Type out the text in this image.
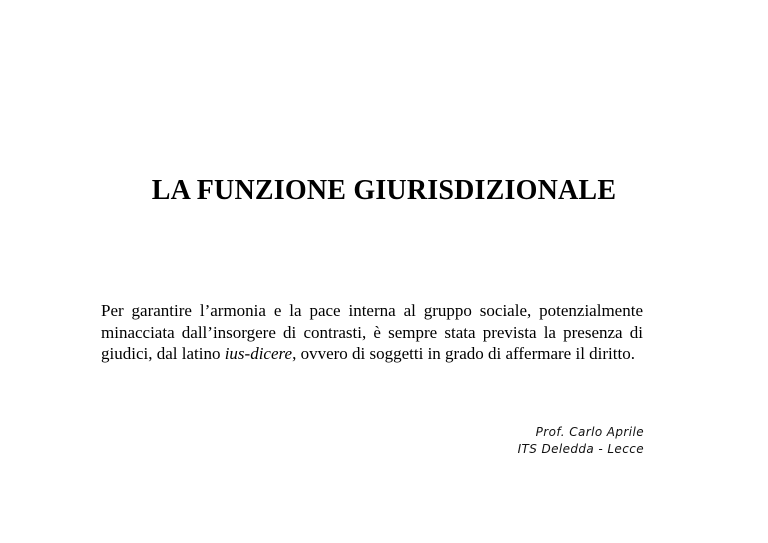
LA FUNZIONE GIURISDIZIONALE
Per garantire l’armonia e la pace interna al gruppo sociale, potenzialmente minacciata dall’insorgere di contrasti, è sempre stata prevista la presenza di giudici, dal latino ius-dicere, ovvero di soggetti in grado di affermare il diritto.
Prof. Carlo Aprile
ITS Deledda - Lecce
